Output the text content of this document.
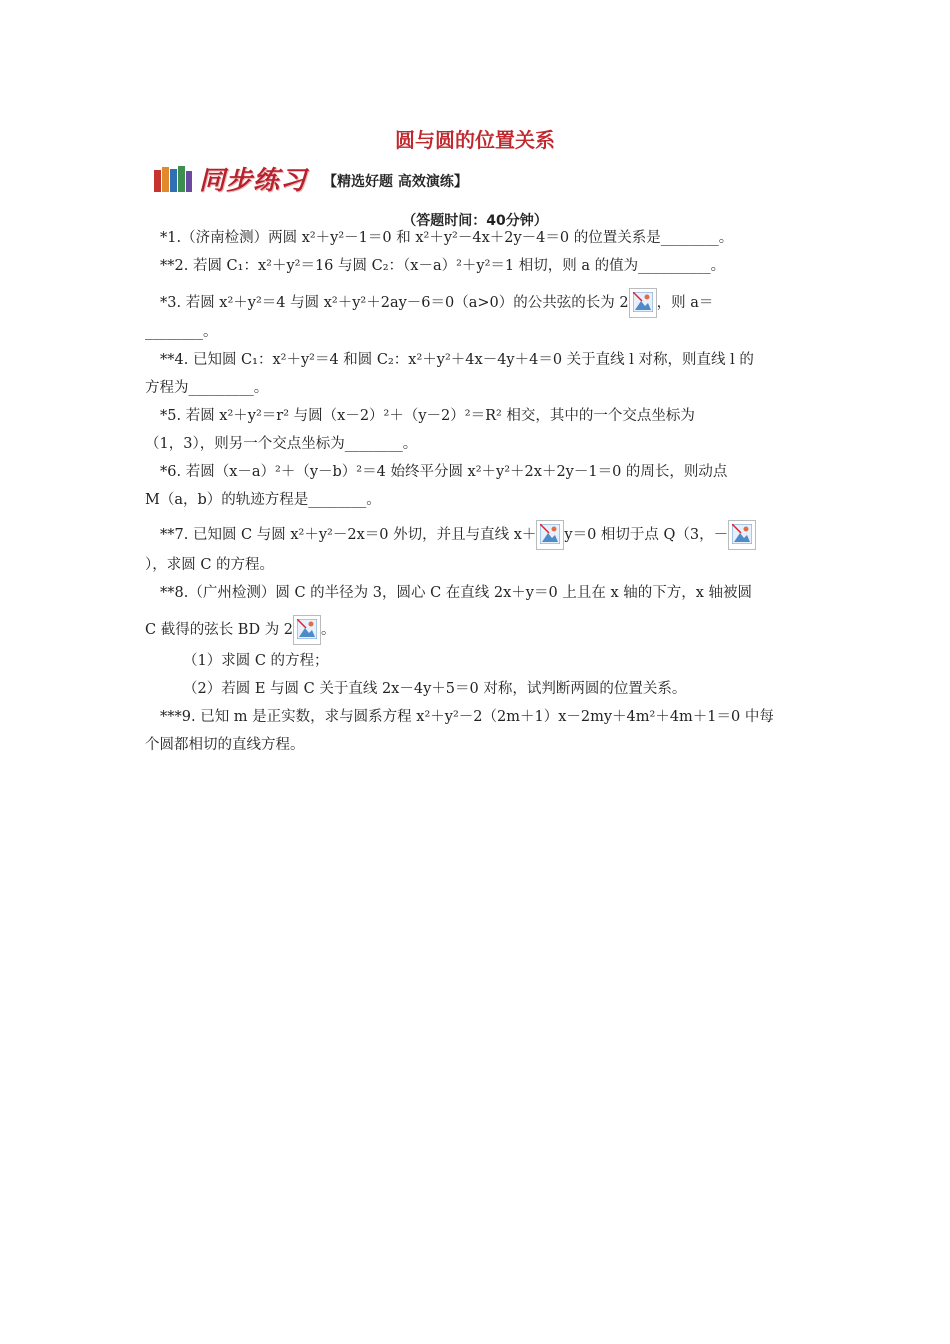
圆与圆的位置关系
同步练习 【精选好题 高效演练】
（答题时间：40分钟）
*1.（济南检测）两圆 x²＋y²－1＝0 和 x²＋y²－4x＋2y－4＝0 的位置关系是________。
**2. 若圆 C₁：x²＋y²＝16 与圆 C₂：（x－a）²＋y²＝1 相切，则 a 的值为__________。
*3. 若圆 x²＋y²＝4 与圆 x²＋y²＋2ay－6＝0（a>0）的公共弦的长为 2 ，则 a＝
________。
**4. 已知圆 C₁：x²＋y²＝4 和圆 C₂：x²＋y²＋4x－4y＋4＝0 关于直线 l 对称，则直线 l 的
方程为_________。
*5. 若圆 x²＋y²＝r² 与圆（x－2）²＋（y－2）²＝R² 相交，其中的一个交点坐标为
（1，3），则另一个交点坐标为________。
*6. 若圆（x－a）²＋（y－b）²＝4 始终平分圆 x²＋y²＋2x＋2y－1＝0 的周长，则动点
M（a，b）的轨迹方程是________。
**7. 已知圆 C 与圆 x²＋y²－2x＝0 外切，并且与直线 x＋ y＝0 相切于点 Q（3，－
），求圆 C 的方程。
**8.（广州检测）圆 C 的半径为 3，圆心 C 在直线 2x＋y＝0 上且在 x 轴的下方，x 轴被圆
C 截得的弦长 BD 为 2 。
（1）求圆 C 的方程；
（2）若圆 E 与圆 C 关于直线 2x－4y＋5＝0 对称，试判断两圆的位置关系。
***9. 已知 m 是正实数，求与圆系方程 x²＋y²－2（2m＋1）x－2my＋4m²＋4m＋1＝0 中每
个圆都相切的直线方程。
